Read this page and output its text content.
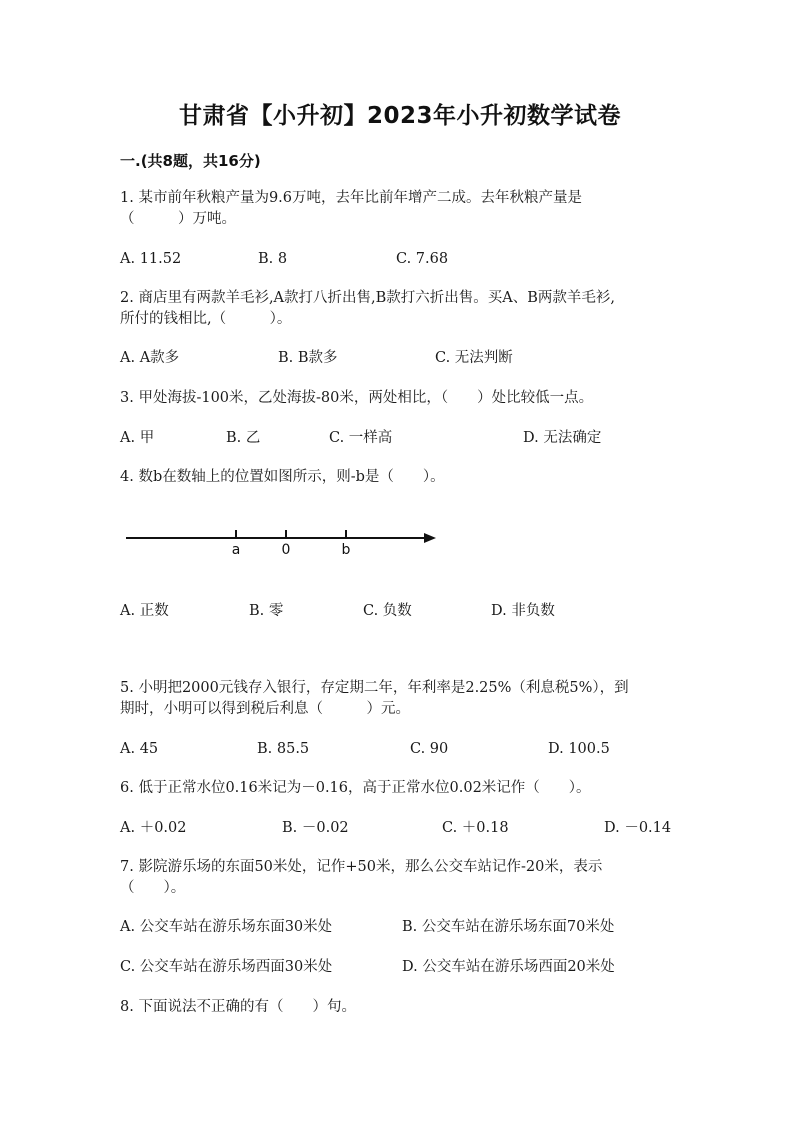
甘肃省【小升初】2023年小升初数学试卷
一.(共8题，共16分)
1. 某市前年秋粮产量为9.6万吨，去年比前年增产二成。去年秋粮产量是
（　　　）万吨。
A. 11.52	B. 8	C. 7.68
2. 商店里有两款羊毛衫,A款打八折出售,B款打六折出售。买A、B两款羊毛衫,
所付的钱相比,（　　　）。
A. A款多	B. B款多	C. 无法判断
3. 甲处海拔-100米，乙处海拔-80米，两处相比，（　　）处比较低一点。
A. 甲	B. 乙	C. 一样高	D. 无法确定
4. 数b在数轴上的位置如图所示，则-b是（　　）。
a	0	b
A. 正数	B. 零	C. 负数	D. 非负数
5. 小明把2000元钱存入银行，存定期二年，年利率是2.25%（利息税5%），到
期时，小明可以得到税后利息（　　　）元。
A. 45	B. 85.5	C. 90	D. 100.5
6. 低于正常水位0.16米记为－0.16，高于正常水位0.02米记作（　　）。
A. ＋0.02	B. －0.02	C. ＋0.18	D. －0.14
7. 影院游乐场的东面50米处，记作+50米，那么公交车站记作-20米，表示
（　　）。
A. 公交车站在游乐场东面30米处	B. 公交车站在游乐场东面70米处
C. 公交车站在游乐场西面30米处	D. 公交车站在游乐场西面20米处
8. 下面说法不正确的有（　　）句。
